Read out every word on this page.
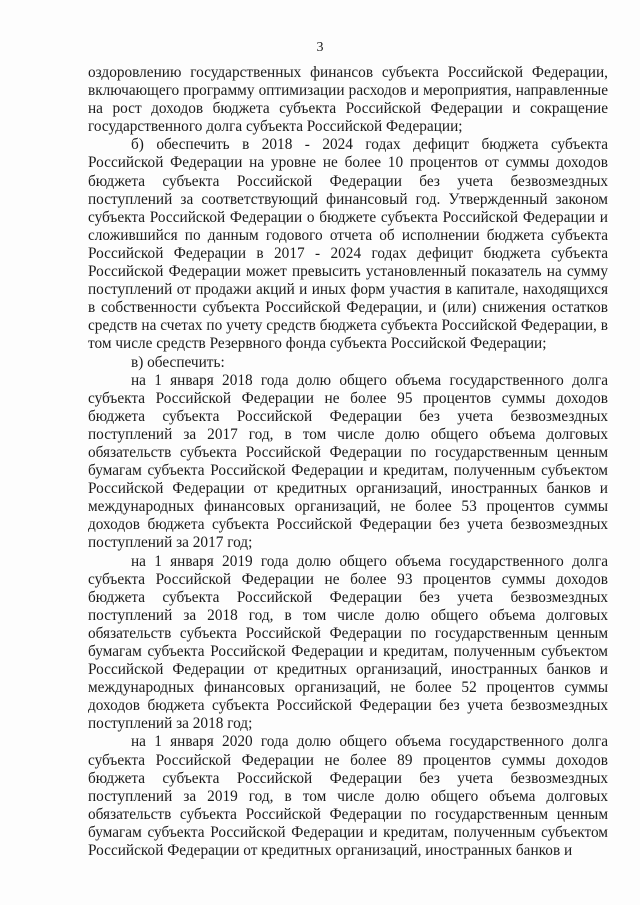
3

оздоровлению государственных финансов субъекта Российской Федерации, включающего программу оптимизации расходов и мероприятия, направленные на рост доходов бюджета субъекта Российской Федерации и сокращение государственного долга субъекта Российской Федерации;

б) обеспечить в 2018 - 2024 годах дефицит бюджета субъекта Российской Федерации на уровне не более 10 процентов от суммы доходов бюджета субъекта Российской Федерации без учета безвозмездных поступлений за соответствующий финансовый год. Утвержденный законом субъекта Российской Федерации о бюджете субъекта Российской Федерации и сложившийся по данным годового отчета об исполнении бюджета субъекта Российской Федерации в 2017 - 2024 годах дефицит бюджета субъекта Российской Федерации может превысить установленный показатель на сумму поступлений от продажи акций и иных форм участия в капитале, находящихся в собственности субъекта Российской Федерации, и (или) снижения остатков средств на счетах по учету средств бюджета субъекта Российской Федерации, в том числе средств Резервного фонда субъекта Российской Федерации;

в) обеспечить:

на 1 января 2018 года долю общего объема государственного долга субъекта Российской Федерации не более 95 процентов суммы доходов бюджета субъекта Российской Федерации без учета безвозмездных поступлений за 2017 год, в том числе долю общего объема долговых обязательств субъекта Российской Федерации по государственным ценным бумагам субъекта Российской Федерации и кредитам, полученным субъектом Российской Федерации от кредитных организаций, иностранных банков и международных финансовых организаций, не более 53 процентов суммы доходов бюджета субъекта Российской Федерации без учета безвозмездных поступлений за 2017 год;

на 1 января 2019 года долю общего объема государственного долга субъекта Российской Федерации не более 93 процентов суммы доходов бюджета субъекта Российской Федерации без учета безвозмездных поступлений за 2018 год, в том числе долю общего объема долговых обязательств субъекта Российской Федерации по государственным ценным бумагам субъекта Российской Федерации и кредитам, полученным субъектом Российской Федерации от кредитных организаций, иностранных банков и международных финансовых организаций, не более 52 процентов суммы доходов бюджета субъекта Российской Федерации без учета безвозмездных поступлений за 2018 год;

на 1 января 2020 года долю общего объема государственного долга субъекта Российской Федерации не более 89 процентов суммы доходов бюджета субъекта Российской Федерации без учета безвозмездных поступлений за 2019 год, в том числе долю общего объема долговых обязательств субъекта Российской Федерации по государственным ценным бумагам субъекта Российской Федерации и кредитам, полученным субъектом Российской Федерации от кредитных организаций, иностранных банков и
